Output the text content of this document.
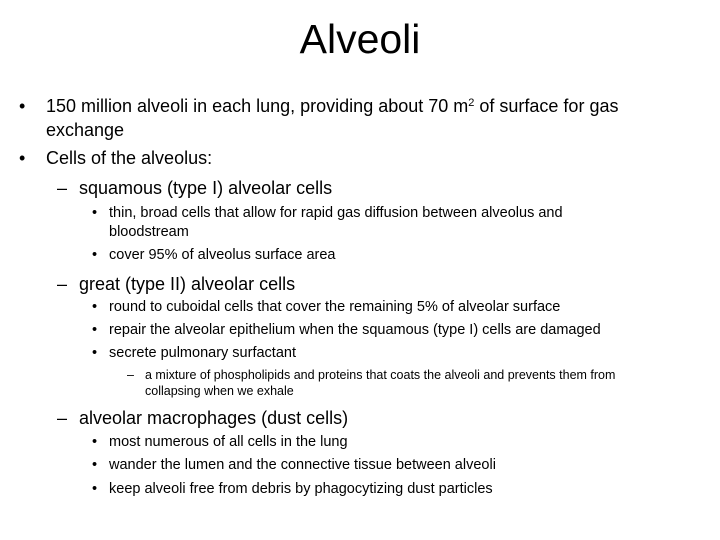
Alveoli
• 150 million alveoli in each lung, providing about 70 $m^2$ of surface for gas
exchange
• Cells of the alveolus:
– squamous (type I) alveolar cells
• thin, broad cells that allow for rapid gas diffusion between alveolus and
bloodstream
• cover 95% of alveolus surface area
– great (type II) alveolar cells
• round to cuboidal cells that cover the remaining 5% of alveolar surface
• repair the alveolar epithelium when the squamous (type I) cells are damaged
• secrete pulmonary surfactant
– a mixture of phospholipids and proteins that coats the alveoli and prevents them from
collapsing when we exhale
– alveolar macrophages (dust cells)
• most numerous of all cells in the lung
• wander the lumen and the connective tissue between alveoli
• keep alveoli free from debris by phagocytizing dust particles
